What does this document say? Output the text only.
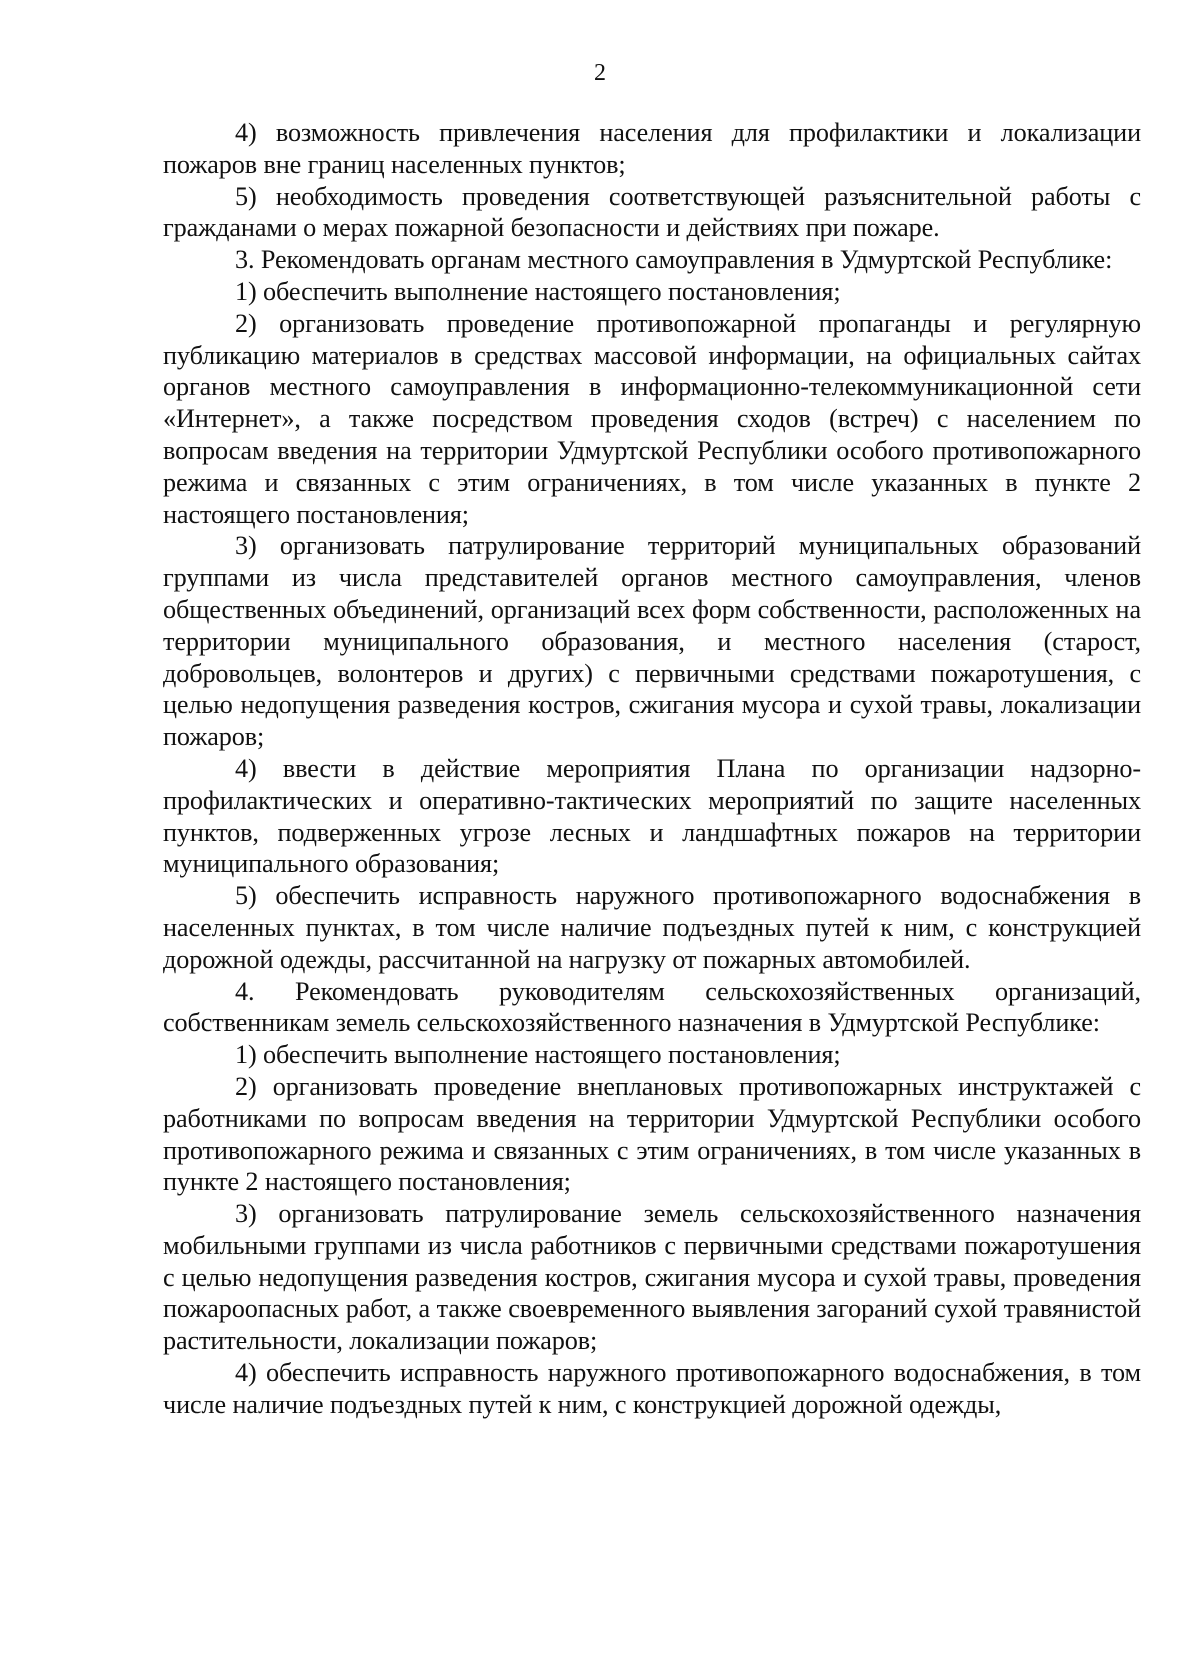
2

4) возможность привлечения населения для профилактики и локализации пожаров вне границ населенных пунктов;

5) необходимость проведения соответствующей разъяснительной работы с гражданами о мерах пожарной безопасности и действиях при пожаре.

3. Рекомендовать органам местного самоуправления в Удмуртской Республике:

1) обеспечить выполнение настоящего постановления;

2) организовать проведение противопожарной пропаганды и регулярную публикацию материалов в средствах массовой информации, на официальных сайтах органов местного самоуправления в информационно-телекоммуникационной сети «Интернет», а также посредством проведения сходов (встреч) с населением по вопросам введения на территории Удмуртской Республики особого противопожарного режима и связанных с этим ограничениях, в том числе указанных в пункте 2 настоящего постановления;

3) организовать патрулирование территорий муниципальных образований группами из числа представителей органов местного самоуправления, членов общественных объединений, организаций всех форм собственности, расположенных на территории муниципального образования, и местного населения (старост, добровольцев, волонтеров и других) с первичными средствами пожаротушения, с целью недопущения разведения костров, сжигания мусора и сухой травы, локализации пожаров;

4) ввести в действие мероприятия Плана по организации надзорно-профилактических и оперативно-тактических мероприятий по защите населенных пунктов, подверженных угрозе лесных и ландшафтных пожаров на территории муниципального образования;

5) обеспечить исправность наружного противопожарного водоснабжения в населенных пунктах, в том числе наличие подъездных путей к ним, с конструкцией дорожной одежды, рассчитанной на нагрузку от пожарных автомобилей.

4. Рекомендовать руководителям сельскохозяйственных организаций, собственникам земель сельскохозяйственного назначения в Удмуртской Республике:

1) обеспечить выполнение настоящего постановления;

2) организовать проведение внеплановых противопожарных инструктажей с работниками по вопросам введения на территории Удмуртской Республики особого противопожарного режима и связанных с этим ограничениях, в том числе указанных в пункте 2 настоящего постановления;

3) организовать патрулирование земель сельскохозяйственного назначения мобильными группами из числа работников с первичными средствами пожаротушения с целью недопущения разведения костров, сжигания мусора и сухой травы, проведения пожароопасных работ, а также своевременного выявления загораний сухой травянистой растительности, локализации пожаров;

4) обеспечить исправность наружного противопожарного водоснабжения, в том числе наличие подъездных путей к ним, с конструкцией дорожной одежды,
